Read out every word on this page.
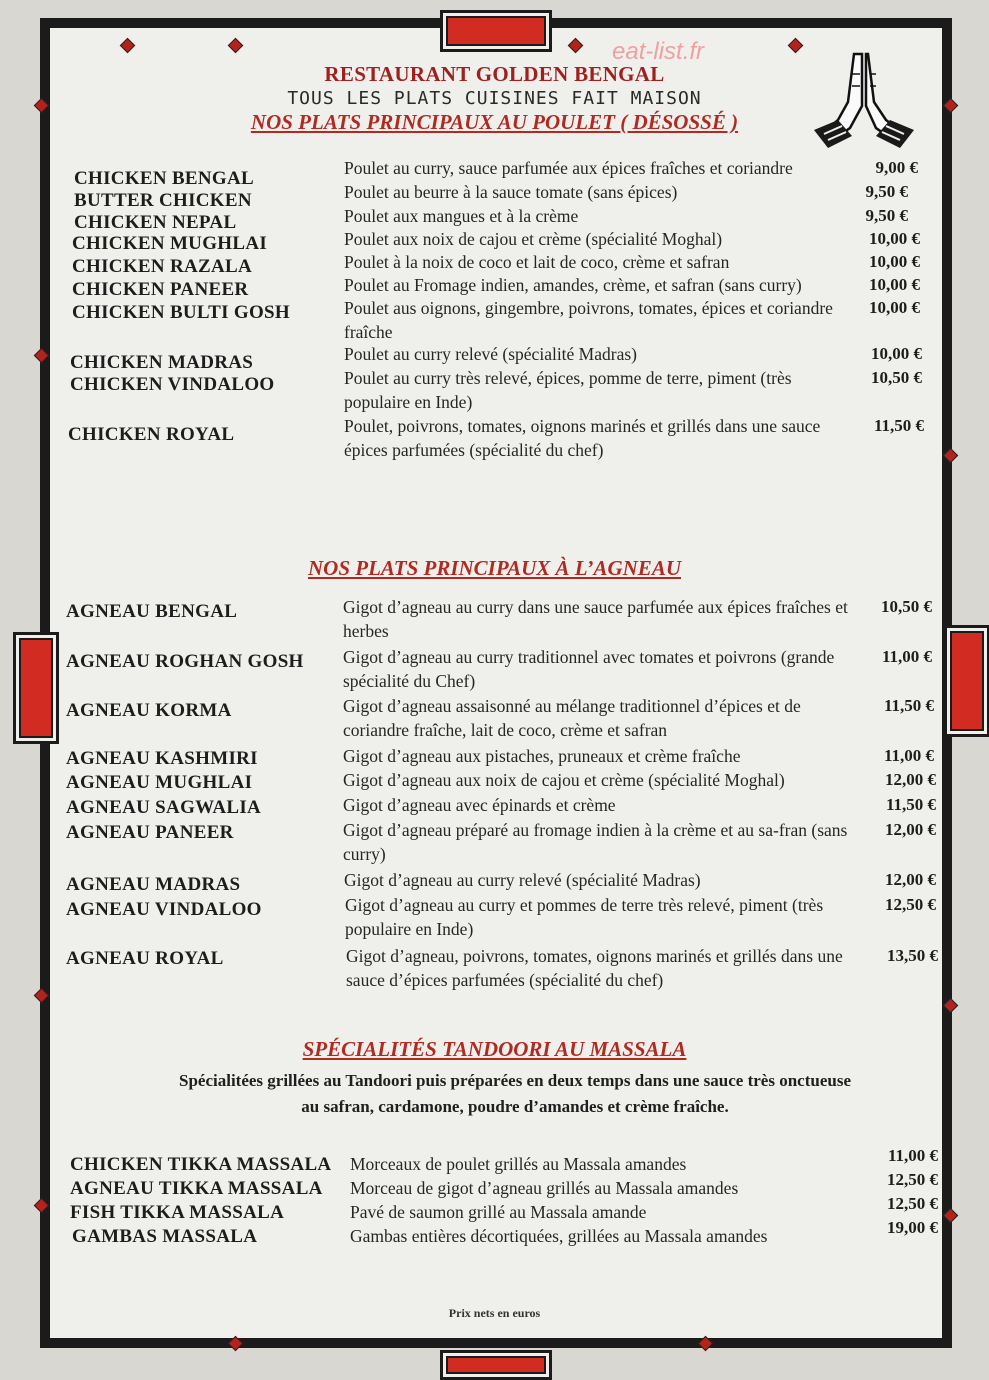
eat-list.fr
RESTAURANT GOLDEN BENGAL
TOUS LES PLATS CUISINES FAIT MAISON
NOS PLATS PRINCIPAUX AU POULET ( DÉSOSSÉ )
CHICKEN BENGAL	Poulet au curry, sauce parfumée aux épices fraîches et coriandre	9,00 €
BUTTER CHICKEN	Poulet au beurre à la sauce tomate (sans épices)	9,50 €
CHICKEN NEPAL	Poulet aux mangues et à la crème	9,50 €
CHICKEN MUGHLAI	Poulet aux noix de cajou et crème (spécialité Moghal)	10,00 €
CHICKEN RAZALA	Poulet à la noix de coco et lait de coco, crème et safran	10,00 €
CHICKEN PANEER	Poulet au Fromage indien, amandes, crème, et safran (sans curry)	10,00 €
CHICKEN BULTI GOSH	Poulet aus oignons, gingembre, poivrons, tomates, épices et coriandre fraîche
10,00 €
CHICKEN MADRAS	Poulet au curry relevé (spécialité Madras)	10,00 €
CHICKEN VINDALOO	Poulet au curry très relevé, épices, pomme de terre, piment (très populaire en Inde)
10,50 €
CHICKEN ROYAL	Poulet, poivrons, tomates, oignons marinés et grillés dans une sauce épices parfumées (spécialité du chef)
11,50 €
NOS PLATS PRINCIPAUX À L’AGNEAU
AGNEAU BENGAL	Gigot d’agneau au curry dans une sauce parfumée aux épices fraîches et herbes
10,50 €
AGNEAU ROGHAN GOSH Gigot d’agneau au curry traditionnel avec tomates et poivrons (grande spécialité du Chef)
11,00 €
AGNEAU KORMA	Gigot d’agneau assaisonné au mélange traditionnel d’épices et de coriandre fraîche, lait de coco, crème et safran
11,50 €
AGNEAU KASHMIRI	Gigot d’agneau aux pistaches, pruneaux et crème fraîche	11,00 €
AGNEAU MUGHLAI	Gigot d’agneau aux noix de cajou et crème (spécialité Moghal)	12,00 €
AGNEAU SAGWALIA	Gigot d’agneau avec épinards et crème	11,50 €
AGNEAU PANEER	Gigot d’agneau préparé au fromage indien à la crème et au sa-fran (sans curry)
12,00 €
AGNEAU MADRAS	Gigot d’agneau au curry relevé (spécialité Madras)	12,00 €
AGNEAU VINDALOO	Gigot d’agneau au curry et pommes de terre très relevé, piment (très populaire en Inde)
12,50 €
AGNEAU ROYAL	Gigot d’agneau, poivrons, tomates, oignons marinés et grillés dans une sauce d’épices parfumées (spécialité du chef)
13,50 €
SPÉCIALITÉS TANDOORI AU MASSALA
Spécialitées grillées au Tandoori puis préparées en deux temps dans une sauce très onctueuse
au safran, cardamone, poudre d’amandes et crème fraîche.
CHICKEN TIKKA MASSALA Morceaux de poulet grillés au Massala amandes	11,00 €
AGNEAU TIKKA MASSALA Morceau de gigot d’agneau grillés au Massala amandes	12,50 €
FISH TIKKA MASSALA	Pavé de saumon grillé au Massala amande	12,50 €
GAMBAS MASSALA	Gambas entières décortiquées, grillées au Massala amandes	19,00 €
Prix nets en euros
